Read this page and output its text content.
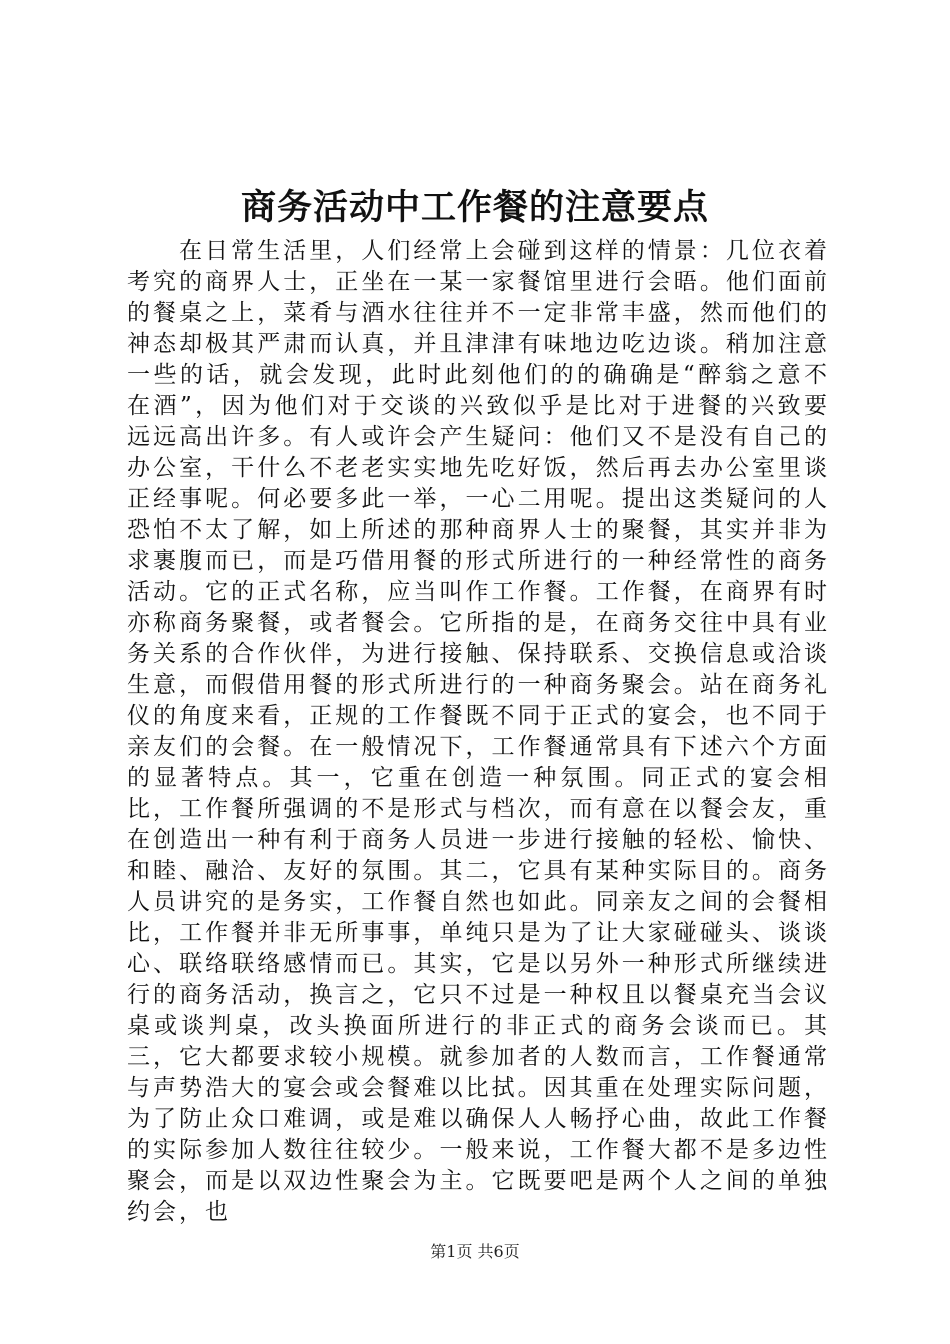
商务活动中工作餐的注意要点

在日常生活里，人们经常上会碰到这样的情景：几位衣着考究的商界人士，正坐在一某一家餐馆里进行会晤。他们面前的餐桌之上，菜肴与酒水往往并不一定非常丰盛，然而他们的神态却极其严肃而认真，并且津津有味地边吃边谈。稍加注意一些的话，就会发现，此时此刻他们的的确确是“醉翁之意不在酒”，因为他们对于交谈的兴致似乎是比对于进餐的兴致要远远高出许多。有人或许会产生疑问：他们又不是没有自己的办公室，干什么不老老实实地先吃好饭，然后再去办公室里谈正经事呢。何必要多此一举，一心二用呢。提出这类疑问的人恐怕不太了解，如上所述的那种商界人士的聚餐，其实并非为求裹腹而已，而是巧借用餐的形式所进行的一种经常性的商务活动。它的正式名称，应当叫作工作餐。工作餐，在商界有时亦称商务聚餐，或者餐会。它所指的是，在商务交往中具有业务关系的合作伙伴，为进行接触、保持联系、交换信息或洽谈生意，而假借用餐的形式所进行的一种商务聚会。站在商务礼仪的角度来看，正规的工作餐既不同于正式的宴会，也不同于亲友们的会餐。在一般情况下，工作餐通常具有下述六个方面的显著特点。其一，它重在创造一种氛围。同正式的宴会相比，工作餐所强调的不是形式与档次，而有意在以餐会友，重在创造出一种有利于商务人员进一步进行接触的轻松、愉快、和睦、融洽、友好的氛围。其二，它具有某种实际目的。商务人员讲究的是务实，工作餐自然也如此。同亲友之间的会餐相比，工作餐并非无所事事，单纯只是为了让大家碰碰头、谈谈心、联络联络感情而已。其实，它是以另外一种形式所继续进行的商务活动，换言之，它只不过是一种权且以餐桌充当会议桌或谈判桌，改头换面所进行的非正式的商务会谈而已。其三，它大都要求较小规模。就参加者的人数而言，工作餐通常与声势浩大的宴会或会餐难以比拭。因其重在处理实际问题，为了防止众口难调，或是难以确保人人畅抒心曲，故此工作餐的实际参加人数往往较少。一般来说，工作餐大都不是多边性聚会，而是以双边性聚会为主。它既要吧是两个人之间的单独约会，也

第1页 共6页
